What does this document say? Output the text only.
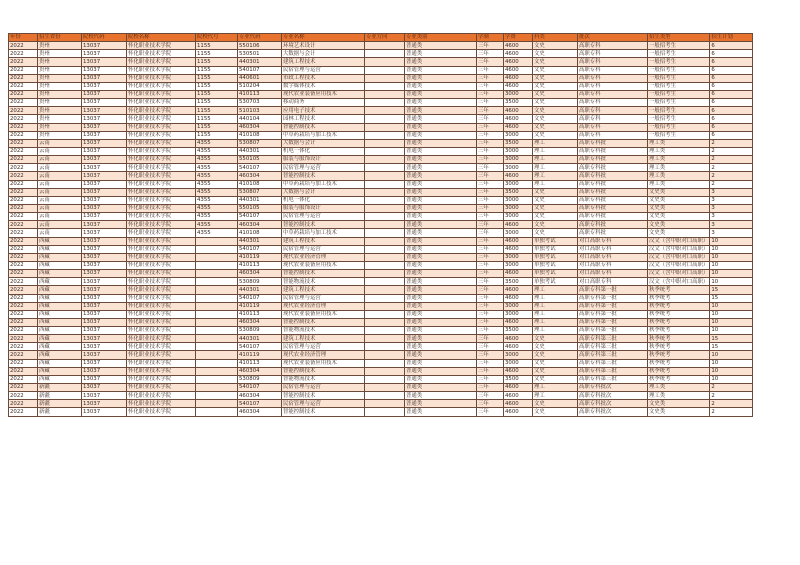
年份	招生省份	院校代码	院校名称	院校代号	专业代码	专业名称	专业方向	专业类别	学制	学费	科类	批次	招生类型	招生计划
2022	贵州	13037	怀化职业技术学院	1155	550106	环境艺术设计		普通类	三年	4600	文史	高职专科	一般招考生	6
2022	贵州	13037	怀化职业技术学院	1155	530501	大数据与会计		普通类	三年	4600	文史	高职专科	一般招考生	6
2022	贵州	13037	怀化职业技术学院	1155	440301	建筑工程技术		普通类	三年	4600	文史	高职专科	一般招考生	6
2022	贵州	13037	怀化职业技术学院	1155	540107	民宿管理与运营		普通类	三年	4600	文史	高职专科	一般招考生	6
2022	贵州	13037	怀化职业技术学院	1155	440601	市政工程技术		普通类	三年	4600	文史	高职专科	一般招考生	6
2022	贵州	13037	怀化职业技术学院	1155	510204	数字媒体技术		普通类	三年	4600	文史	高职专科	一般招考生	6
2022	贵州	13037	怀化职业技术学院	1155	410113	现代农业装备应用技术		普通类	三年	3000	文史	高职专科	一般招考生	6
2022	贵州	13037	怀化职业技术学院	1155	530703	移动商务		普通类	三年	3500	文史	高职专科	一般招考生	6
2022	贵州	13037	怀化职业技术学院	1155	510103	应用电子技术		普通类	三年	4600	文史	高职专科	一般招考生	6
2022	贵州	13037	怀化职业技术学院	1155	440104	园林工程技术		普通类	三年	4600	文史	高职专科	一般招考生	6
2022	贵州	13037	怀化职业技术学院	1155	460304	智能控制技术		普通类	三年	4600	文史	高职专科	一般招考生	6
2022	贵州	13037	怀化职业技术学院	1155	410108	中草药栽培与加工技术		普通类	三年	3000	文史	高职专科	一般招考生	6
2022	云南	13037	怀化职业技术学院	4355	530807	大数据与会计		普通类	三年	3500	理工	高职专科批	理工类	2
2022	云南	13037	怀化职业技术学院	4355	440301	机电一体化		普通类	三年	3000	理工	高职专科批	理工类	2
2022	云南	13037	怀化职业技术学院	4355	550105	服装与服饰设计		普通类	三年	3000	理工	高职专科批	理工类	2
2022	云南	13037	怀化职业技术学院	4355	540107	民宿管理与运营		普通类	三年	3000	理工	高职专科批	理工类	2
2022	云南	13037	怀化职业技术学院	4355	460304	智能控制技术		普通类	三年	4600	理工	高职专科批	理工类	2
2022	云南	13037	怀化职业技术学院	4355	410108	中草药栽培与加工技术		普通类	三年	3000	理工	高职专科批	理工类	2
2022	云南	13037	怀化职业技术学院	4355	530807	大数据与会计		普通类	三年	3500	文史	高职专科批	文史类	3
2022	云南	13037	怀化职业技术学院	4355	440301	机电一体化		普通类	三年	3000	文史	高职专科批	文史类	3
2022	云南	13037	怀化职业技术学院	4355	550105	服装与服饰设计		普通类	三年	3000	文史	高职专科批	文史类	3
2022	云南	13037	怀化职业技术学院	4355	540107	民宿管理与运营		普通类	三年	3000	文史	高职专科批	文史类	3
2022	云南	13037	怀化职业技术学院	4355	460304	智能控制技术		普通类	三年	4600	文史	高职专科批	文史类	3
2022	云南	13037	怀化职业技术学院	4355	410108	中草药栽培与加工技术		普通类	三年	3000	文史	高职专科批	文史类	3
2022	西藏	13037	怀化职业技术学院		440301	建筑工程技术		普通类	三年	4600	单独考试	对口高职专科	汉文（含中职对口高职）	10
2022	西藏	13037	怀化职业技术学院		540107	民宿管理与运营		普通类	三年	4600	单独考试	对口高职专科	汉文（含中职对口高职）	10
2022	西藏	13037	怀化职业技术学院		410119	现代农业经济管理		普通类	三年	3000	单独考试	对口高职专科	汉文（含中职对口高职）	10
2022	西藏	13037	怀化职业技术学院		410113	现代农业装备应用技术		普通类	三年	3000	单独考试	对口高职专科	汉文（含中职对口高职）	10
2022	西藏	13037	怀化职业技术学院		460304	智能控制技术		普通类	三年	4600	单独考试	对口高职专科	汉文（含中职对口高职）	10
2022	西藏	13037	怀化职业技术学院		530809	智能物流技术		普通类	三年	3500	单独考试	对口高职专科	汉文（含中职对口高职）	10
2022	西藏	13037	怀化职业技术学院		440301	建筑工程技术		普通类	三年	4600	理工	高职专科第一批	秋季统考	15
2022	西藏	13037	怀化职业技术学院		540107	民宿管理与运营		普通类	三年	4600	理工	高职专科第一批	秋季统考	15
2022	西藏	13037	怀化职业技术学院		410119	现代农业经济管理		普通类	三年	3000	理工	高职专科第一批	秋季统考	10
2022	西藏	13037	怀化职业技术学院		410113	现代农业装备应用技术		普通类	三年	3000	理工	高职专科第一批	秋季统考	10
2022	西藏	13037	怀化职业技术学院		460304	智能控制技术		普通类	三年	4600	理工	高职专科第一批	秋季统考	10
2022	西藏	13037	怀化职业技术学院		530809	智能物流技术		普通类	三年	3500	理工	高职专科第一批	秋季统考	10
2022	西藏	13037	怀化职业技术学院		440301	建筑工程技术		普通类	三年	4600	文史	高职专科第三批	秋季统考	15
2022	西藏	13037	怀化职业技术学院		540107	民宿管理与运营		普通类	三年	4600	文史	高职专科第三批	秋季统考	15
2022	西藏	13037	怀化职业技术学院		410119	现代农业经济管理		普通类	三年	3000	文史	高职专科第三批	秋季统考	10
2022	西藏	13037	怀化职业技术学院		410113	现代农业装备应用技术		普通类	三年	3000	文史	高职专科第三批	秋季统考	10
2022	西藏	13037	怀化职业技术学院		460304	智能控制技术		普通类	三年	4600	文史	高职专科第三批	秋季统考	10
2022	西藏	13037	怀化职业技术学院		530809	智能物流技术		普通类	三年	3500	文史	高职专科第三批	秋季统考	10
2022	新疆	13037	怀化职业技术学院		540107	民宿管理与运营		普通类	三年	4600	理工	高职专科批次	理工类	2
2022	新疆	13037	怀化职业技术学院		460304	智能控制技术		普通类	三年	4600	理工	高职专科批次	理工类	2
2022	新疆	13037	怀化职业技术学院		540107	民宿管理与运营		普通类	三年	4600	文史	高职专科批次	文史类	2
2022	新疆	13037	怀化职业技术学院		460304	智能控制技术		普通类	三年	4600	文史	高职专科批次	文史类	2
